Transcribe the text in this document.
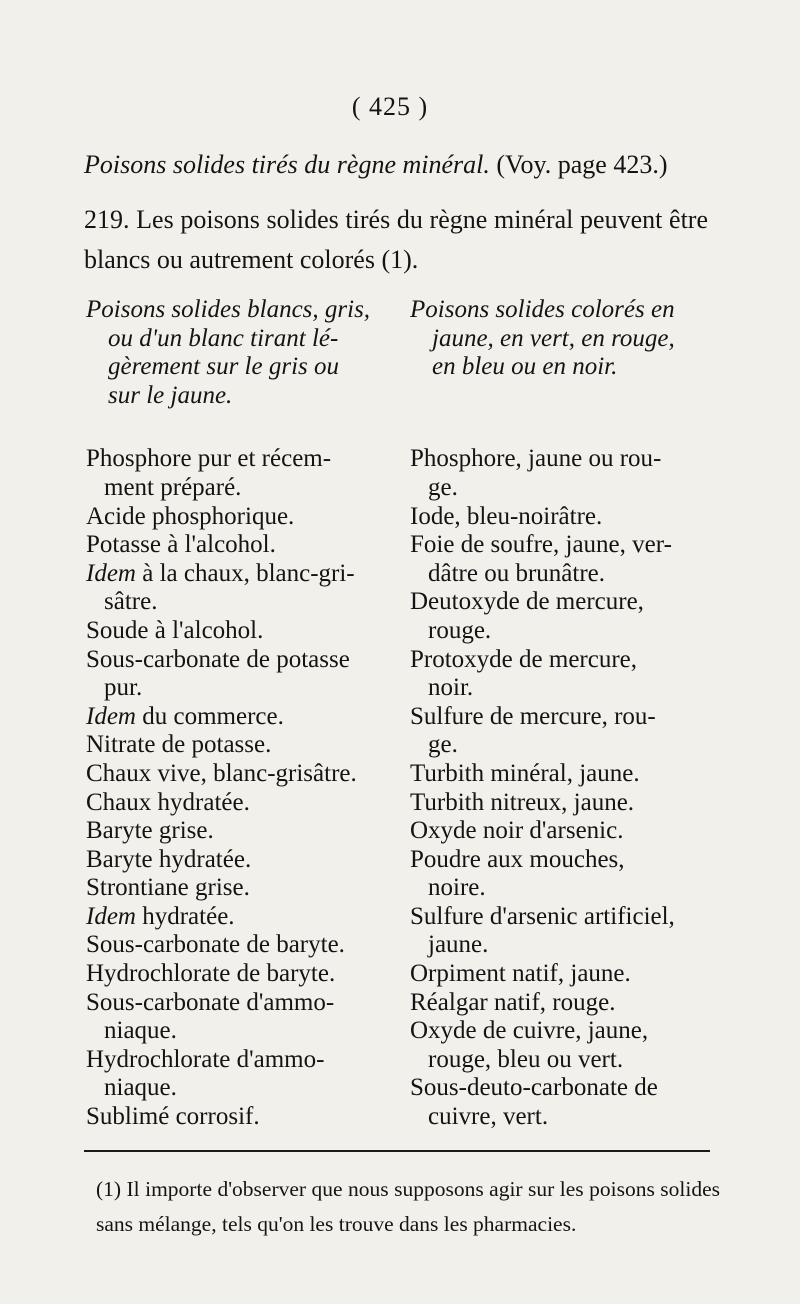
( 425 )
Poisons solides tirés du règne minéral. (Voy. page 423.)
219. Les poisons solides tirés du règne minéral peuvent être blancs ou autrement colorés (1).
Poisons solides blancs, gris,
ou d'un blanc tirant lé-
gèrement sur le gris ou
sur le jaune.
Phosphore pur et récem-
ment préparé.
Acide phosphorique.
Potasse à l'alcohol.
Idem à la chaux, blanc-gri-
sâtre.
Soude à l'alcohol.
Sous-carbonate de potasse
pur.
Idem du commerce.
Nitrate de potasse.
Chaux vive, blanc-grisâtre.
Chaux hydratée.
Baryte grise.
Baryte hydratée.
Strontiane grise.
Idem hydratée.
Sous-carbonate de baryte.
Hydrochlorate de baryte.
Sous-carbonate d'ammo-
niaque.
Hydrochlorate d'ammo-
niaque.
Sublimé corrosif.
Poisons solides colorés en
jaune, en vert, en rouge,
en bleu ou en noir.
Phosphore, jaune ou rou-
ge.
Iode, bleu-noirâtre.
Foie de soufre, jaune, ver-
dâtre ou brunâtre.
Deutoxyde de mercure,
rouge.
Protoxyde de mercure,
noir.
Sulfure de mercure, rou-
ge.
Turbith minéral, jaune.
Turbith nitreux, jaune.
Oxyde noir d'arsenic.
Poudre aux mouches,
noire.
Sulfure d'arsenic artificiel,
jaune.
Orpiment natif, jaune.
Réalgar natif, rouge.
Oxyde de cuivre, jaune,
rouge, bleu ou vert.
Sous-deuto-carbonate de
cuivre, vert.
(1) Il importe d'observer que nous supposons agir sur les poisons solides sans mélange, tels qu'on les trouve dans les pharmacies.
